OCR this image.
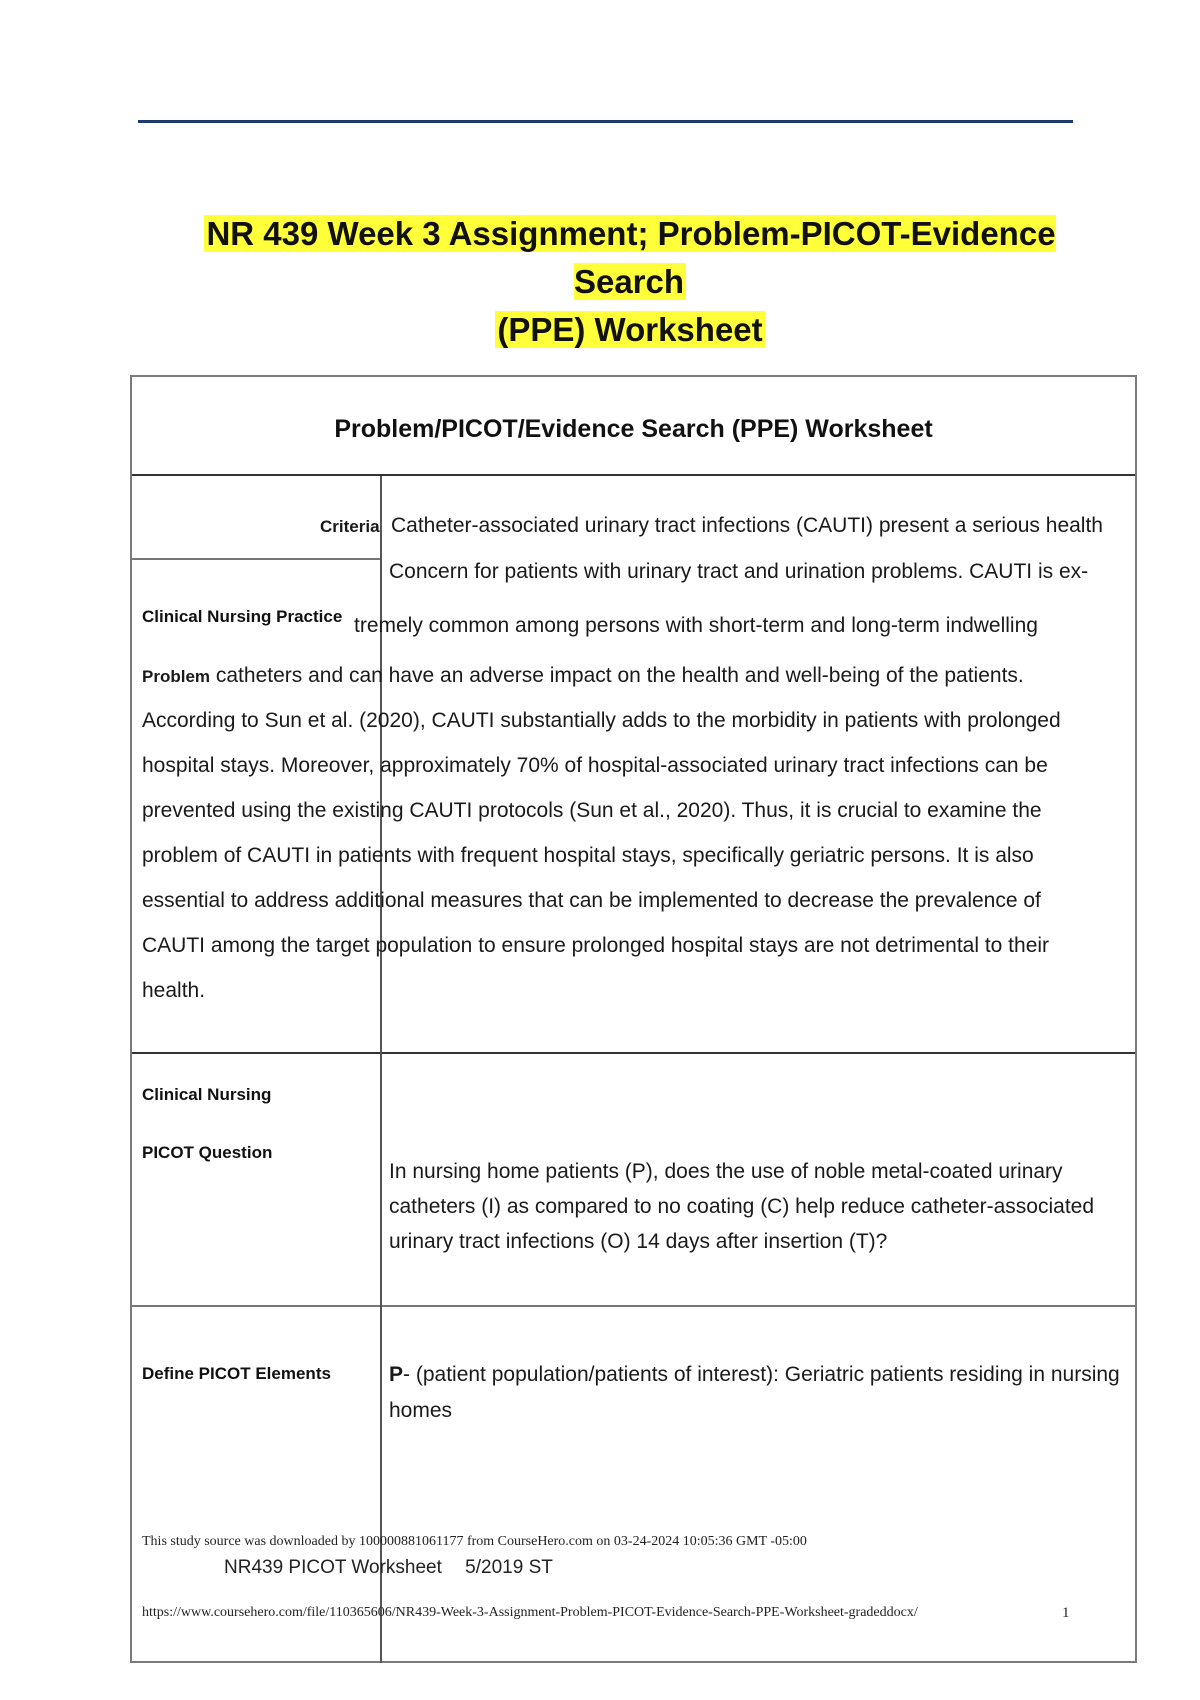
NR 439 Week 3 Assignment; Problem-PICOT-Evidence Search
(PPE) Worksheet
Problem/PICOT/Evidence Search (PPE) Worksheet
Criteria
Clinical Nursing Practice
Catheter-associated urinary tract infections (CAUTI) present a serious health
Concern for patients with urinary tract and urination problems. CAUTI is ex-
tremely common among persons with short-term and long-term indwelling
Problem catheters and can have an adverse impact on the health and well-being of the patients.
According to Sun et al. (2020), CAUTI substantially adds to the morbidity in patients with prolonged
hospital stays. Moreover, approximately 70% of hospital-associated urinary tract infections can be
prevented using the existing CAUTI protocols (Sun et al., 2020). Thus, it is crucial to examine the
problem of CAUTI in patients with frequent hospital stays, specifically geriatric persons. It is also
essential to address additional measures that can be implemented to decrease the prevalence of
CAUTI among the target population to ensure prolonged hospital stays are not detrimental to their
health.
Clinical Nursing
PICOT Question
In nursing home patients (P), does the use of noble metal-coated urinary catheters (I) as compared to no coating (C) help reduce catheter-associated urinary tract infections (O) 14 days after insertion (T)?
Define PICOT Elements	P- (patient population/patients of interest): Geriatric patients residing in nursing homes
This study source was downloaded by 100000881061177 from CourseHero.com on 03-24-2024 10:05:36 GMT -05:00
NR439 PICOT Worksheet 5/2019 ST
https://www.coursehero.com/file/110365606/NR439-Week-3-Assignment-Problem-PICOT-Evidence-Search-PPE-Worksheet-gradeddocx/	1
